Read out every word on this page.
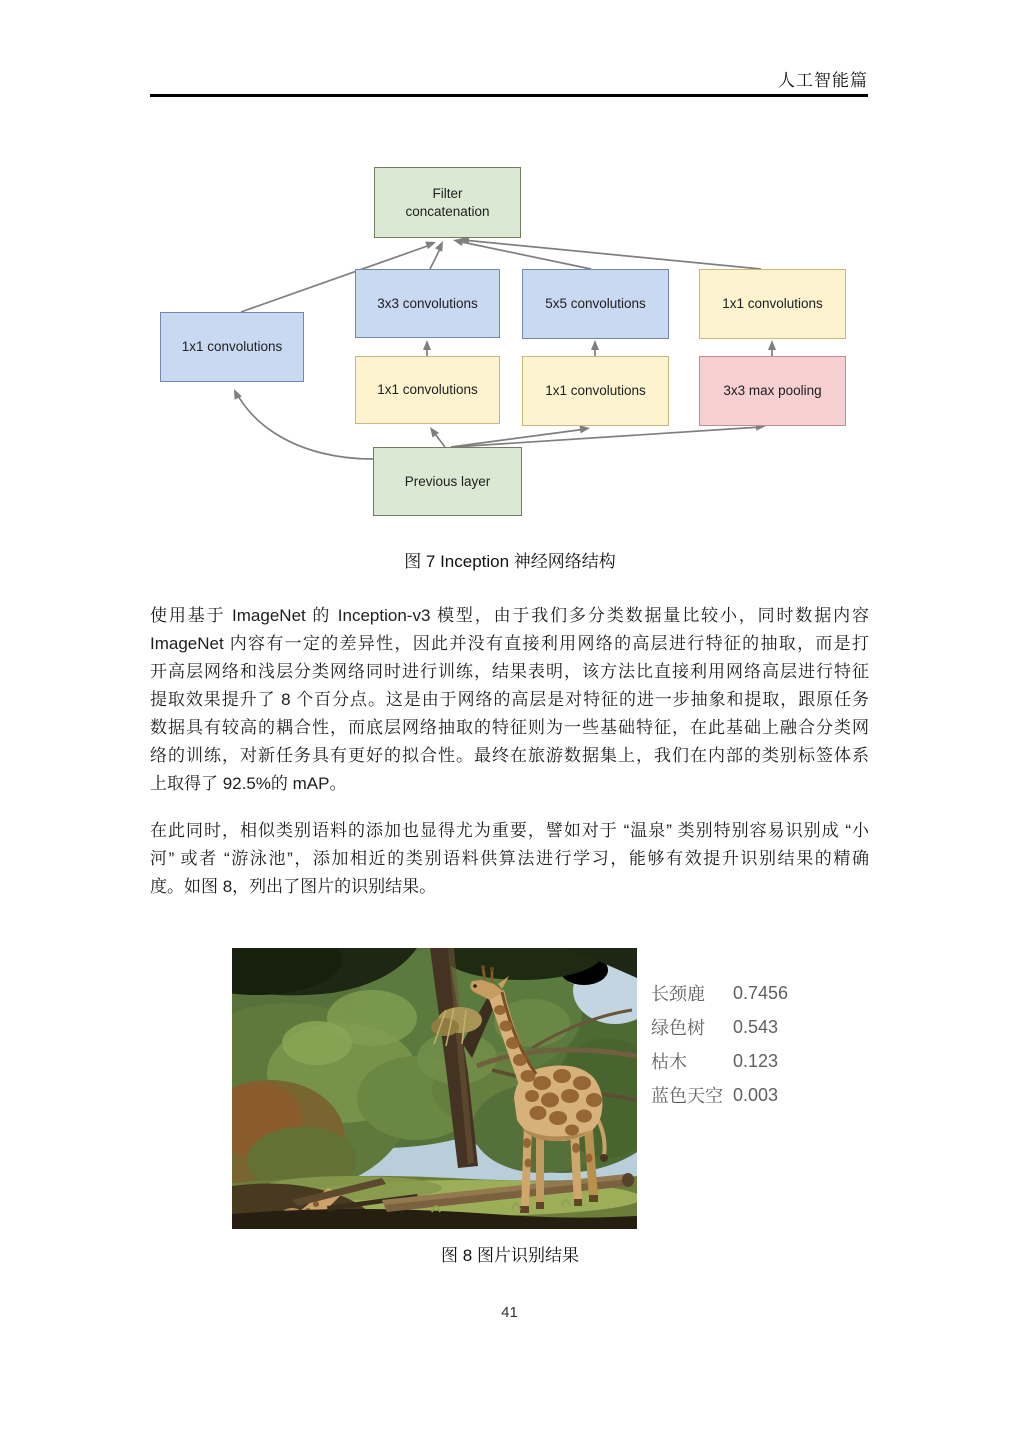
人工智能篇
Filter concatenation
3x3 convolutions	5x5 convolutions	1x1 convolutions
1x1 convolutions
1x1 convolutions	1x1 convolutions	3x3 max pooling
Previous layer
图 7 Inception 神经网络结构
使用基于 ImageNet 的 Inception-v3 模型，由于我们多分类数据量比较小，同时数据内容
ImageNet 内容有一定的差异性，因此并没有直接利用网络的高层进行特征的抽取，而是打
开高层网络和浅层分类网络同时进行训练，结果表明，该方法比直接利用网络高层进行特征
提取效果提升了 8 个百分点。这是由于网络的高层是对特征的进一步抽象和提取，跟原任务
数据具有较高的耦合性，而底层网络抽取的特征则为一些基础特征，在此基础上融合分类网
络的训练，对新任务具有更好的拟合性。最终在旅游数据集上，我们在内部的类别标签体系
上取得了 92.5%的 mAP。
在此同时，相似类别语料的添加也显得尤为重要，譬如对于 “温泉” 类别特别容易识别成 “小
河” 或者 “游泳池”，添加相近的类别语料供算法进行学习，能够有效提升识别结果的精确
度。如图 8，列出了图片的识别结果。
长颈鹿	0.7456
绿色树	0.543
枯木	0.123
蓝色天空 0.003
图 8 图片识别结果
41
